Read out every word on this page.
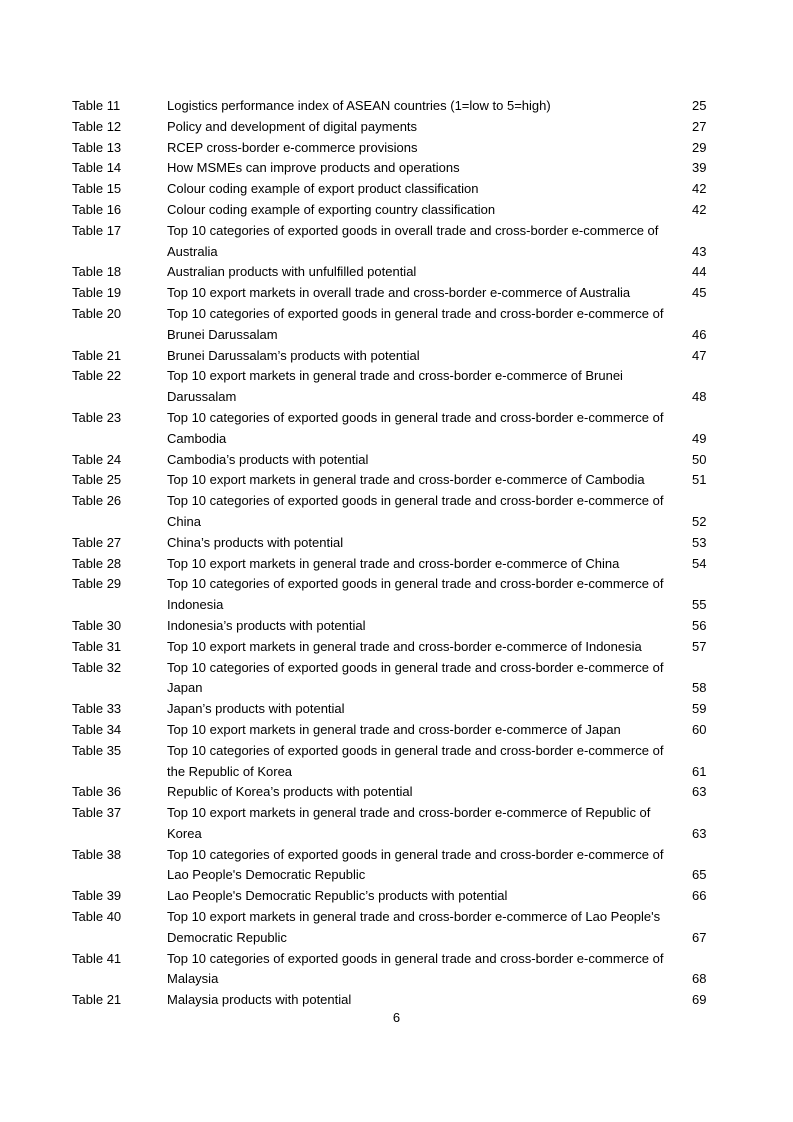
Table 11	Logistics performance index of ASEAN countries (1=low to 5=high)	25
Table 12	Policy and development of digital payments	27
Table 13	RCEP cross-border e-commerce provisions	29
Table 14	How MSMEs can improve products and operations	39
Table 15	Colour coding example of export product classification	42
Table 16	Colour coding example of exporting country classification	42
Table 17	Top 10 categories of exported goods in overall trade and cross-border e-commerce of Australia	43
Table 18	Australian products with unfulfilled potential	44
Table 19	Top 10 export markets in overall trade and cross-border e-commerce of Australia	45
Table 20	Top 10 categories of exported goods in general trade and cross-border e-commerce of Brunei Darussalam	46
Table 21	Brunei Darussalam’s products with potential	47
Table 22	Top 10 export markets in general trade and cross-border e-commerce of Brunei Darussalam	48
Table 23	Top 10 categories of exported goods in general trade and cross-border e-commerce of Cambodia	49
Table 24	Cambodia’s products with potential	50
Table 25	Top 10 export markets in general trade and cross-border e-commerce of Cambodia	51
Table 26	Top 10 categories of exported goods in general trade and cross-border e-commerce of China	52
Table 27	China’s products with potential	53
Table 28	Top 10 export markets in general trade and cross-border e-commerce of China	54
Table 29	Top 10 categories of exported goods in general trade and cross-border e-commerce of Indonesia	55
Table 30	Indonesia’s products with potential	56
Table 31	Top 10 export markets in general trade and cross-border e-commerce of Indonesia	57
Table 32	Top 10 categories of exported goods in general trade and cross-border e-commerce of Japan	58
Table 33	Japan’s products with potential	59
Table 34	Top 10 export markets in general trade and cross-border e-commerce of Japan	60
Table 35	Top 10 categories of exported goods in general trade and cross-border e-commerce of the Republic of Korea	61
Table 36	Republic of Korea’s products with potential	63
Table 37	Top 10 export markets in general trade and cross-border e-commerce of Republic of Korea	63
Table 38	Top 10 categories of exported goods in general trade and cross-border e-commerce of Lao People's Democratic Republic	65
Table 39	Lao People's Democratic Republic’s products with potential	66
Table 40	Top 10 export markets in general trade and cross-border e-commerce of Lao People's Democratic Republic	67
Table 41	Top 10 categories of exported goods in general trade and cross-border e-commerce of Malaysia	68
Table 21	Malaysia products with potential	69
6
